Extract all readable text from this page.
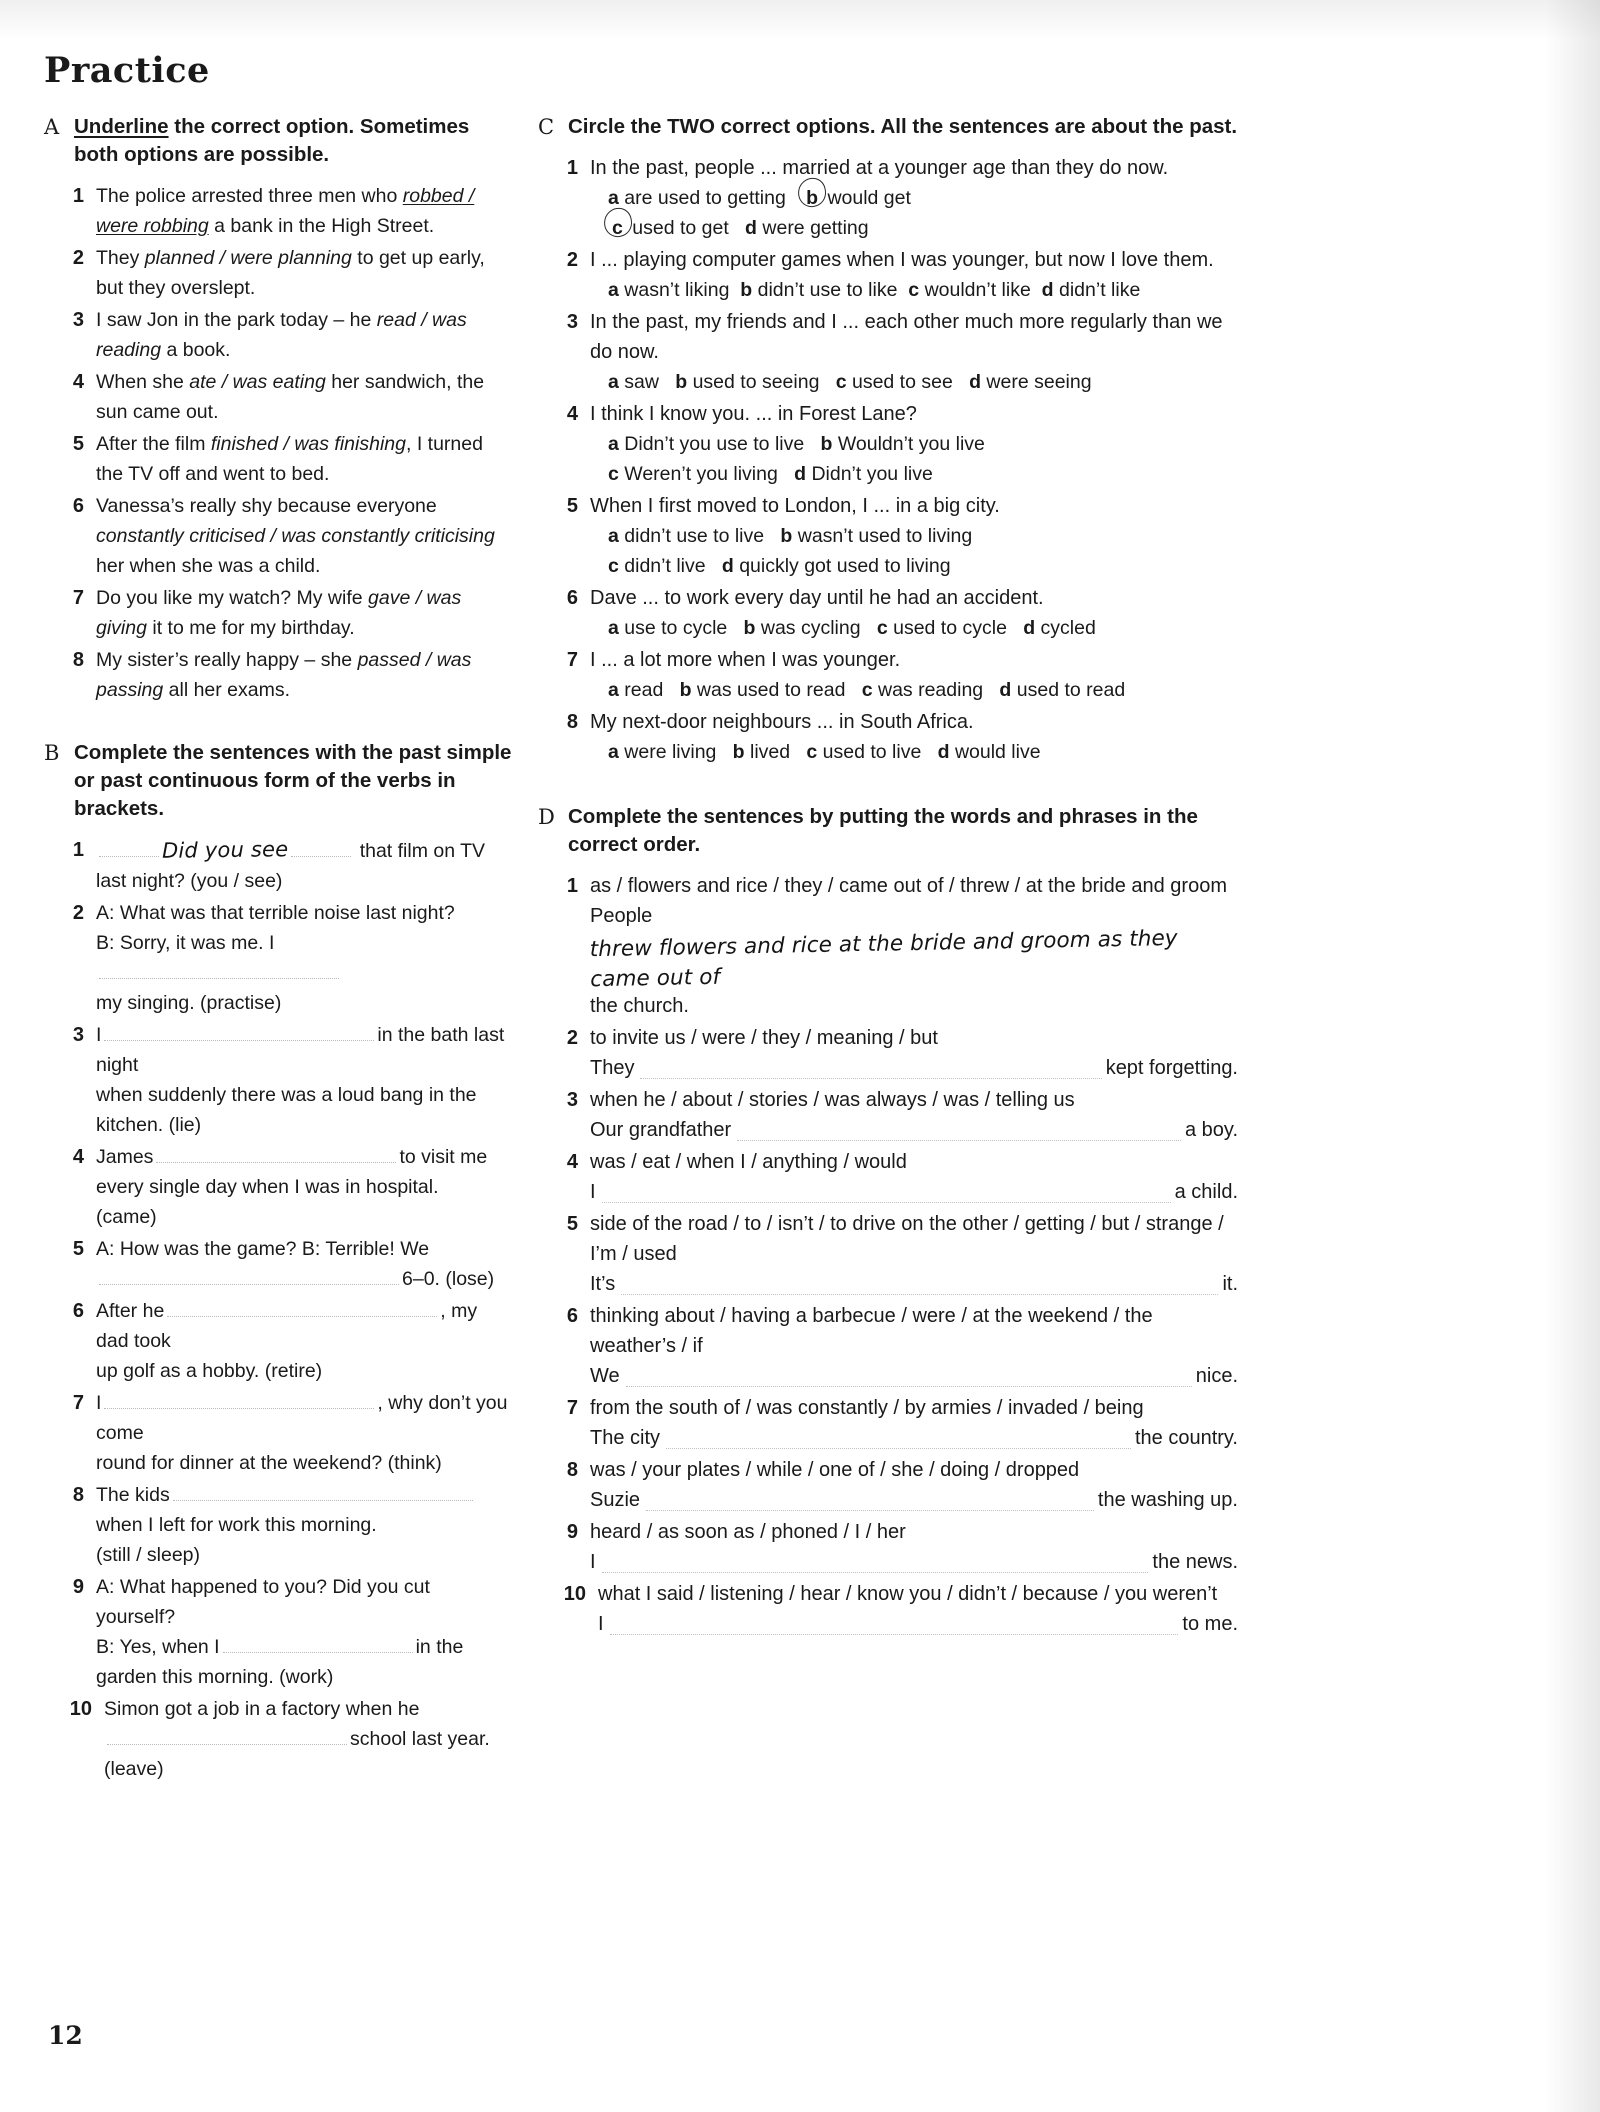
Practice
A Underline the correct option. Sometimes both options are possible.
1 The police arrested three men who robbed / were robbing a bank in the High Street.
2 They planned / were planning to get up early, but they overslept.
3 I saw Jon in the park today – he read / was reading a book.
4 When she ate / was eating her sandwich, the sun came out.
5 After the film finished / was finishing, I turned the TV off and went to bed.
6 Vanessa’s really shy because everyone constantly criticised / was constantly criticising her when she was a child.
7 Do you like my watch? My wife gave / was giving it to me for my birthday.
8 My sister’s really happy – she passed / was passing all her exams.
B Complete the sentences with the past simple or past continuous form of the verbs in brackets.
1	Did you see	that film on TV last night? (you / see)
2 A: What was that terrible noise last night?
B: Sorry, it was me. I
my singing. (practise)
3 I	in the bath last night
when suddenly there was a loud bang in the kitchen. (lie)
4 James	to visit me
every single day when I was in hospital.
(came)
5 A: How was the game? B: Terrible! We
6–0. (lose)
6 After he	, my dad took
up golf as a hobby. (retire)
7 I	, why don’t you come
round for dinner at the weekend? (think)
8 The kids
when I left for work this morning.
(still / sleep)
9 A: What happened to you? Did you cut
yourself?
B: Yes, when I	in the
garden this morning. (work)
10 Simon got a job in a factory when he
school last year.
(leave)
C Circle the TWO correct options. All the sentences are about the past.
1 In the past, people ... married at a younger age than they do now.
a are used to getting b would get
c used to get d were getting
2 I ... playing computer games when I was younger, but now I love them.
a wasn’t liking b didn’t use to like c wouldn’t like d didn’t like
3 In the past, my friends and I ... each other much more regularly than we do now.
a saw b used to seeing c used to see d were seeing
4 I think I know you. ... in Forest Lane?
a Didn’t you use to live b Wouldn’t you live
c Weren’t you living d Didn’t you live
5 When I first moved to London, I ... in a big city.
a didn’t use to live b wasn’t used to living
c didn’t live d quickly got used to living
6 Dave ... to work every day until he had an accident.
a use to cycle b was cycling c used to cycle d cycled
7 I ... a lot more when I was younger.
a read b was used to read c was reading d used to read
8 My next-door neighbours ... in South Africa.
a were living b lived c used to live d would live
D Complete the sentences by putting the words and phrases in the correct order.
1 as / flowers and rice / they / came out of / threw / at the bride and groom
People  threw flowers and rice at the bride and groom as they came out of
the church.
2 to invite us / were / they / meaning / but
They	kept forgetting.
3 when he / about / stories / was always / was / telling us
Our grandfather	a boy.
4 was / eat / when I / anything / would
I	a child.
5 side of the road / to / isn’t / to drive on the other / getting / but / strange / I’m / used
It’s	it.
6 thinking about / having a barbecue / were / at the weekend / the weather’s / if
We	nice.
7 from the south of / was constantly / by armies / invaded / being
The city	the country.
8 was / your plates / while / one of / she / doing / dropped
Suzie	the washing up.
9 heard / as soon as / phoned / I / her
I	the news.
10 what I said / listening / hear / know you / didn’t / because / you weren’t
I	to me.
12
